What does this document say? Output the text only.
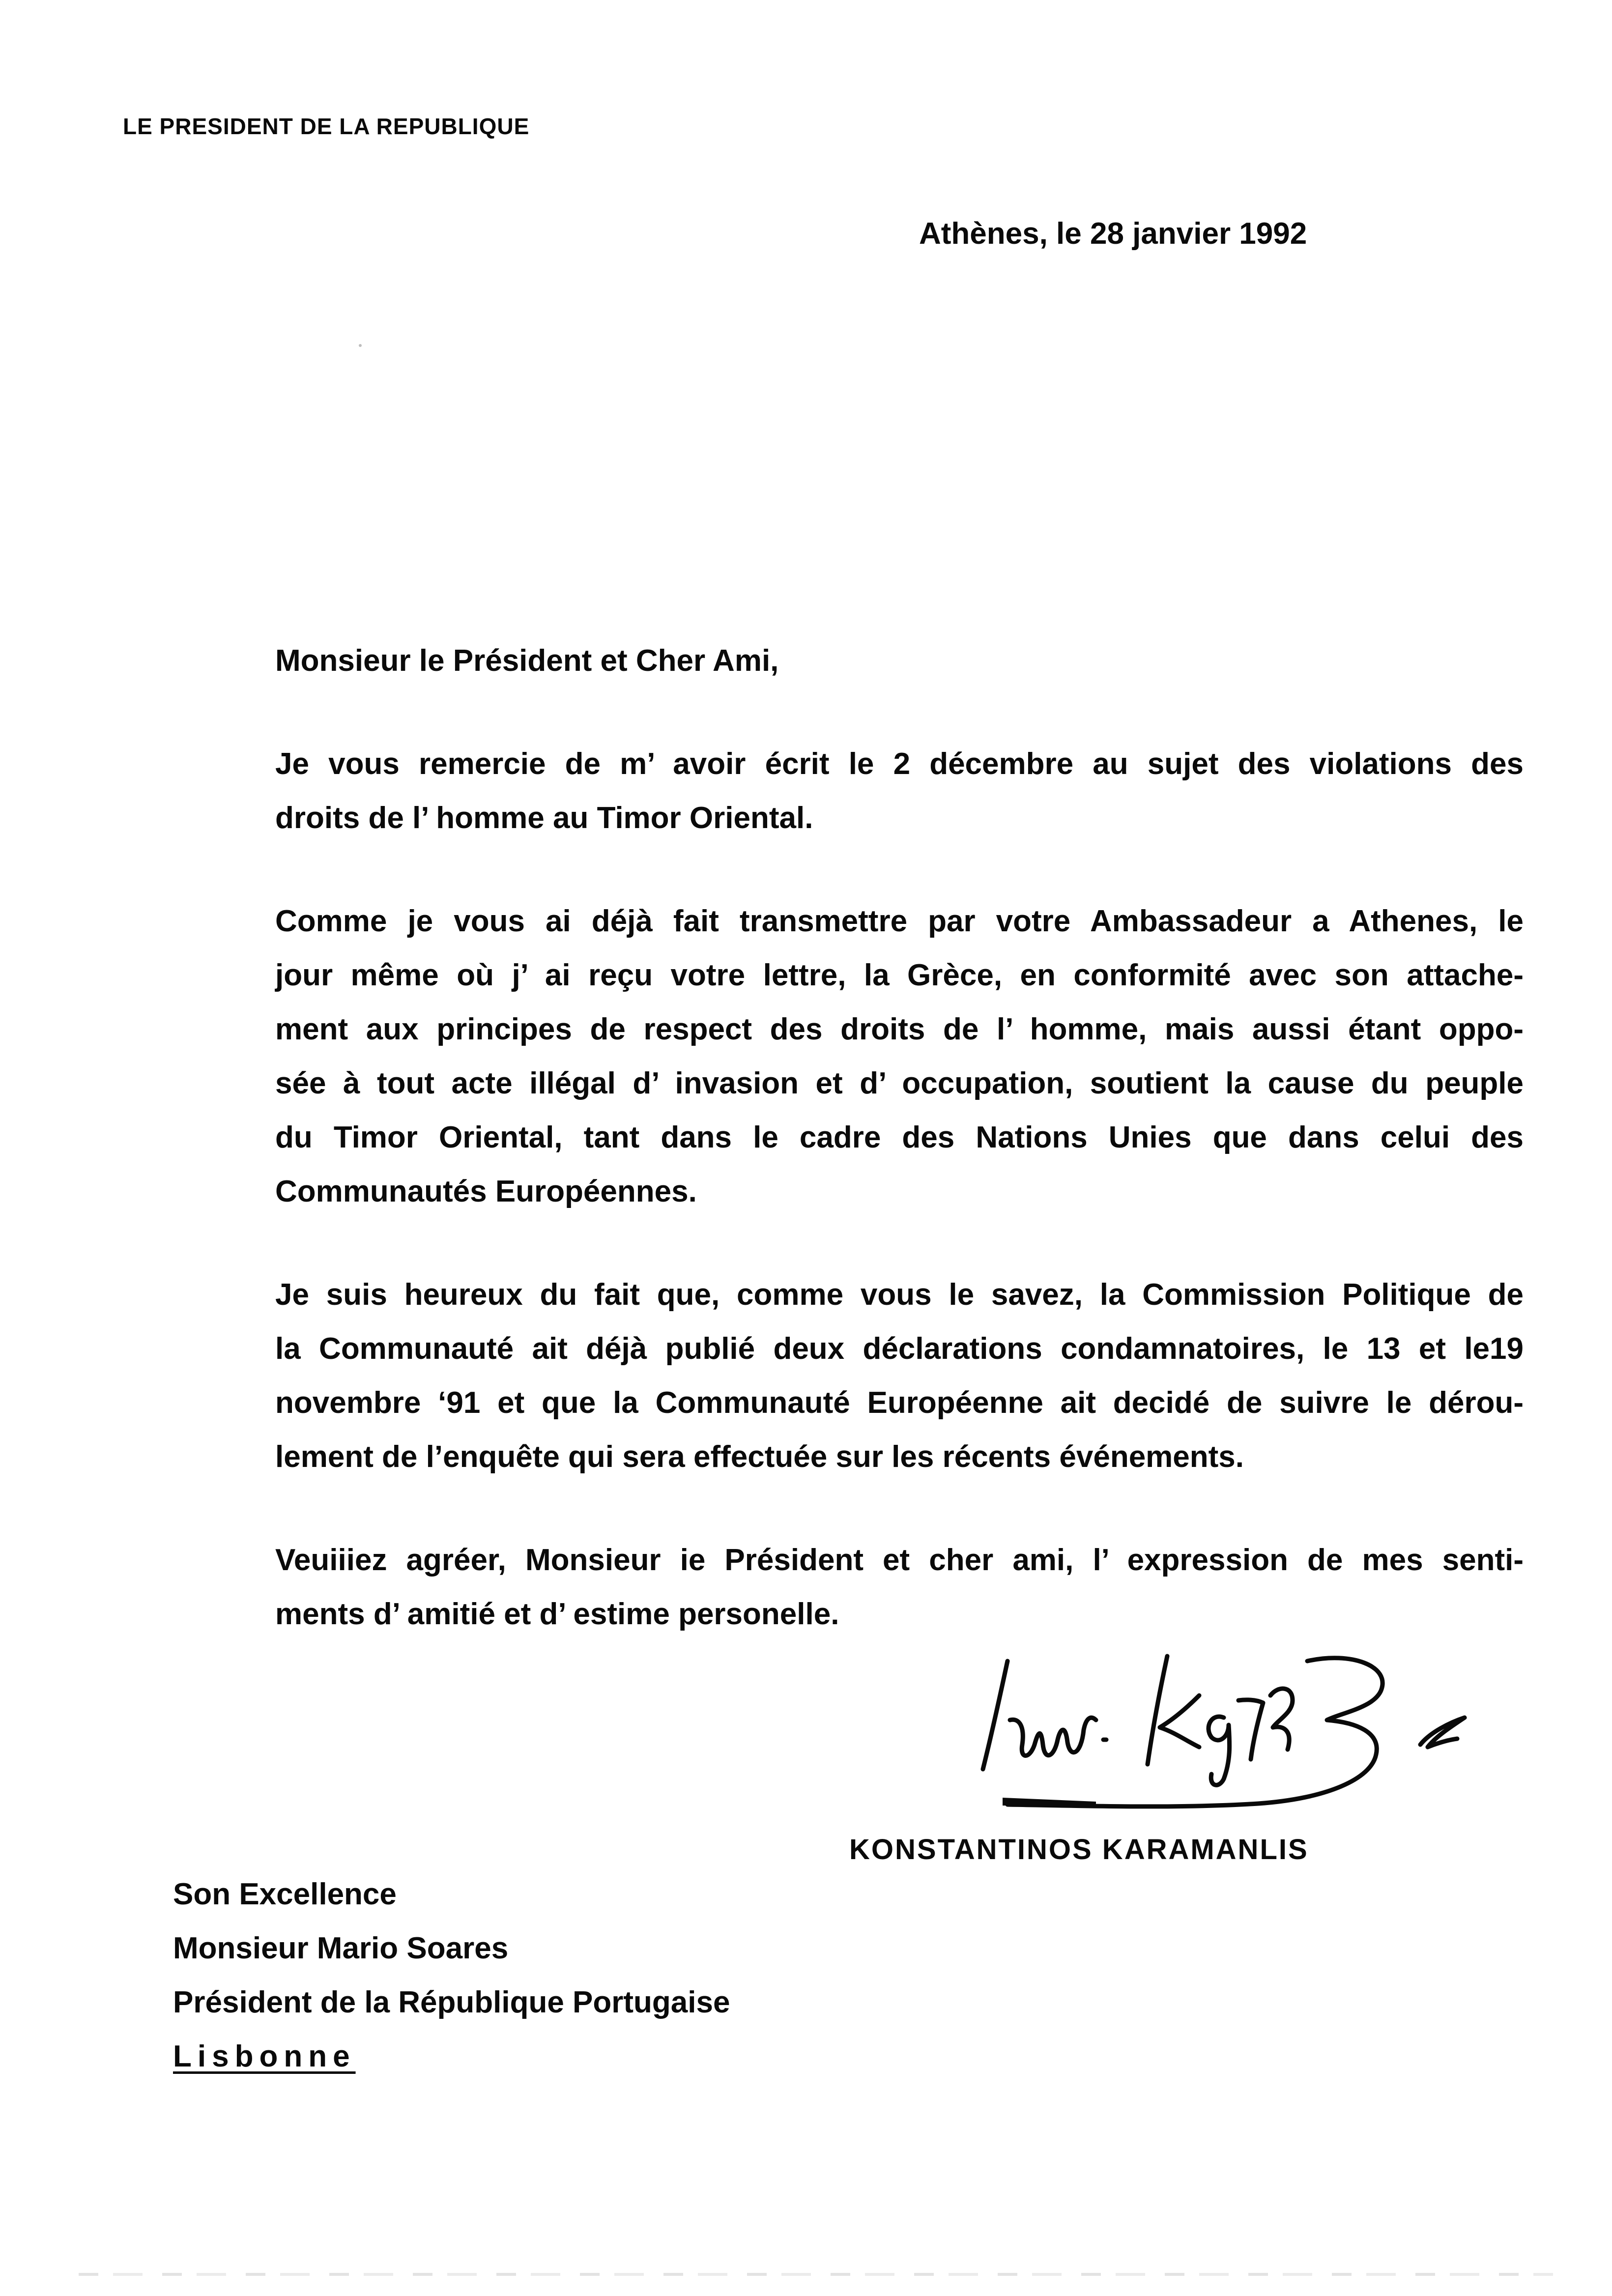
LE PRESIDENT DE LA REPUBLIQUE
Athènes, le 28 janvier 1992
Monsieur le Président et Cher Ami,
Je vous remercie de m’ avoir écrit le 2 décembre au sujet des violations des
droits de l’ homme au Timor Oriental.
Comme je vous ai déjà fait transmettre par votre Ambassadeur a Athenes, le
jour même où j’ ai reçu votre lettre, la Grèce, en conformité avec son attache-
ment aux principes de respect des droits de l’ homme, mais aussi étant oppo-
sée à tout acte illégal d’ invasion et d’ occupation, soutient la cause du peuple
du Timor Oriental, tant dans le cadre des Nations Unies que dans celui des
Communautés Européennes.
Je suis heureux du fait que, comme vous le savez, la Commission Politique de
la Communauté ait déjà publié deux déclarations condamnatoires, le 13 et le19
novembre ‘91 et que la Communauté Européenne ait decidé de suivre le dérou-
lement de l’enquête qui sera effectuée sur les récents événements.
Veuiiiez agréer, Monsieur ie Président et cher ami, l’ expression de mes senti-
ments d’ amitié et d’ estime personelle.
KONSTANTINOS KARAMANLIS
Son Excellence
Monsieur Mario Soares
Président de la République Portugaise
Lisbonne
